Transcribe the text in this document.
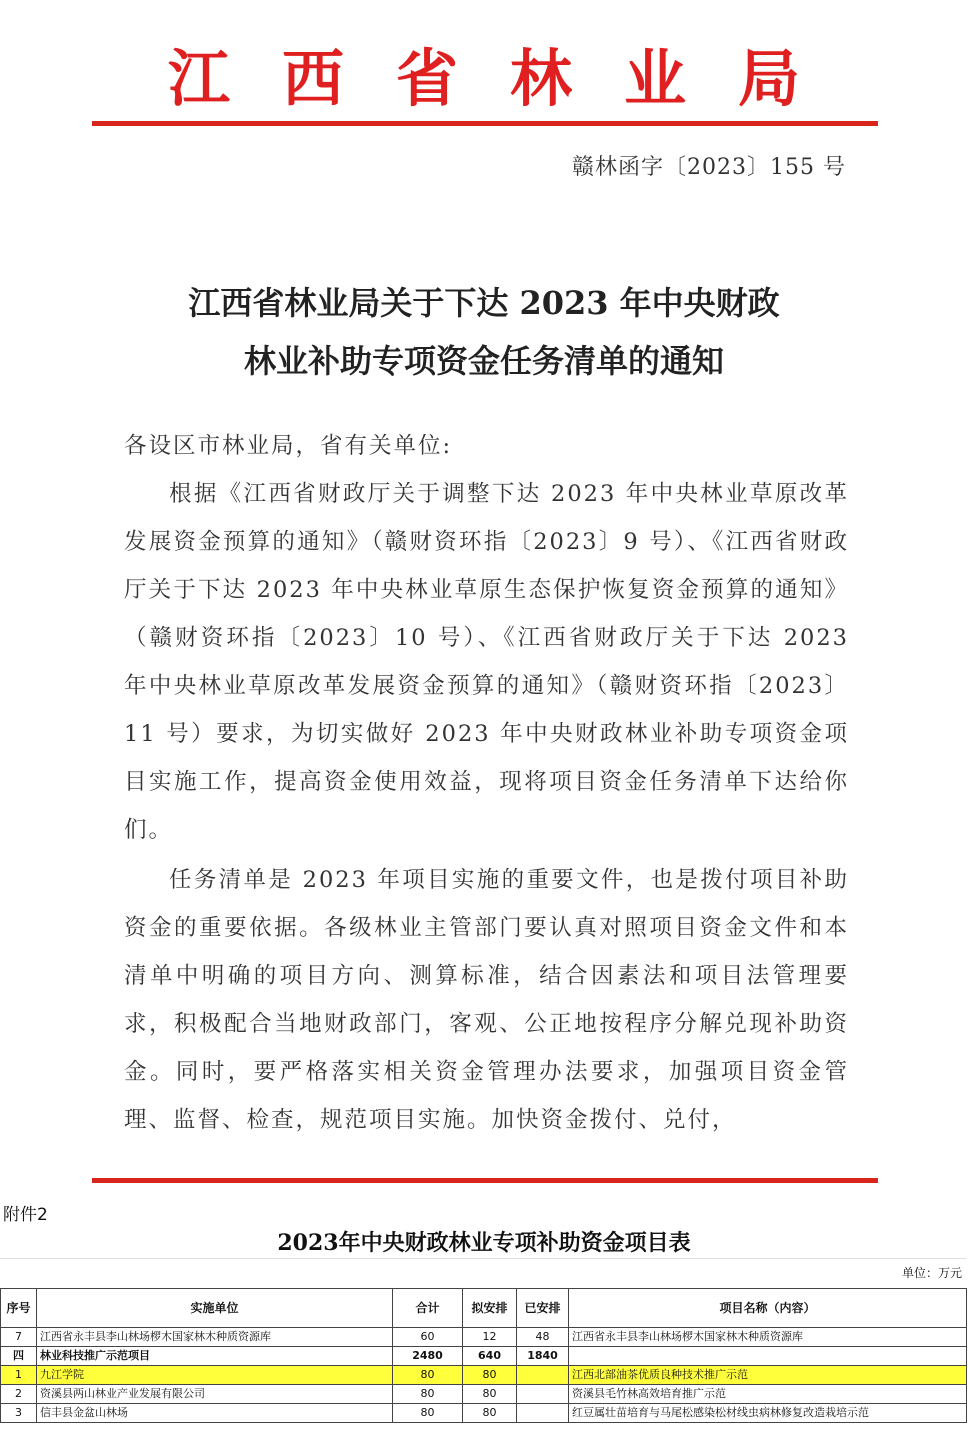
江 西 省 林 业 局
赣林函字〔2023〕155 号
江西省林业局关于下达 2023 年中央财政
林业补助专项资金任务清单的通知
各设区市林业局，省有关单位:
根据《江西省财政厅关于调整下达 2023 年中央林业草原改革发展资金预算的通知》（赣财资环指〔2023〕9 号）、《江西省财政厅关于下达 2023 年中央林业草原生态保护恢复资金预算的通知》（赣财资环指〔2023〕10 号）、《江西省财政厅关于下达 2023 年中央林业草原改革发展资金预算的通知》（赣财资环指〔2023〕11 号）要求，为切实做好 2023 年中央财政林业补助专项资金项目实施工作，提高资金使用效益，现将项目资金任务清单下达给你们。
任务清单是 2023 年项目实施的重要文件，也是拨付项目补助资金的重要依据。各级林业主管部门要认真对照项目资金文件和本清单中明确的项目方向、测算标准，结合因素法和项目法管理要求，积极配合当地财政部门，客观、公正地按程序分解兑现补助资金。同时，要严格落实相关资金管理办法要求，加强项目资金管理、监督、检查，规范项目实施。加快资金拨付、兑付，
附件2
2023年中央财政林业专项补助资金项目表
单位：万元
序号	实施单位	合计	拟安排	已安排	项目名称（内容）
7	江西省永丰县李山林场椤木国家林木种质资源库	60	12	48	江西省永丰县李山林场椤木国家林木种质资源库
四	林业科技推广示范项目	2480	640	1840	
1	九江学院	80	80		江西北部油茶优质良种技术推广示范
2	资溪县两山林业产业发展有限公司	80	80		资溪县毛竹林高效培育推广示范
3	信丰县金盆山林场	80	80		红豆属壮苗培育与马尾松感染松材线虫病林修复改造栽培示范
